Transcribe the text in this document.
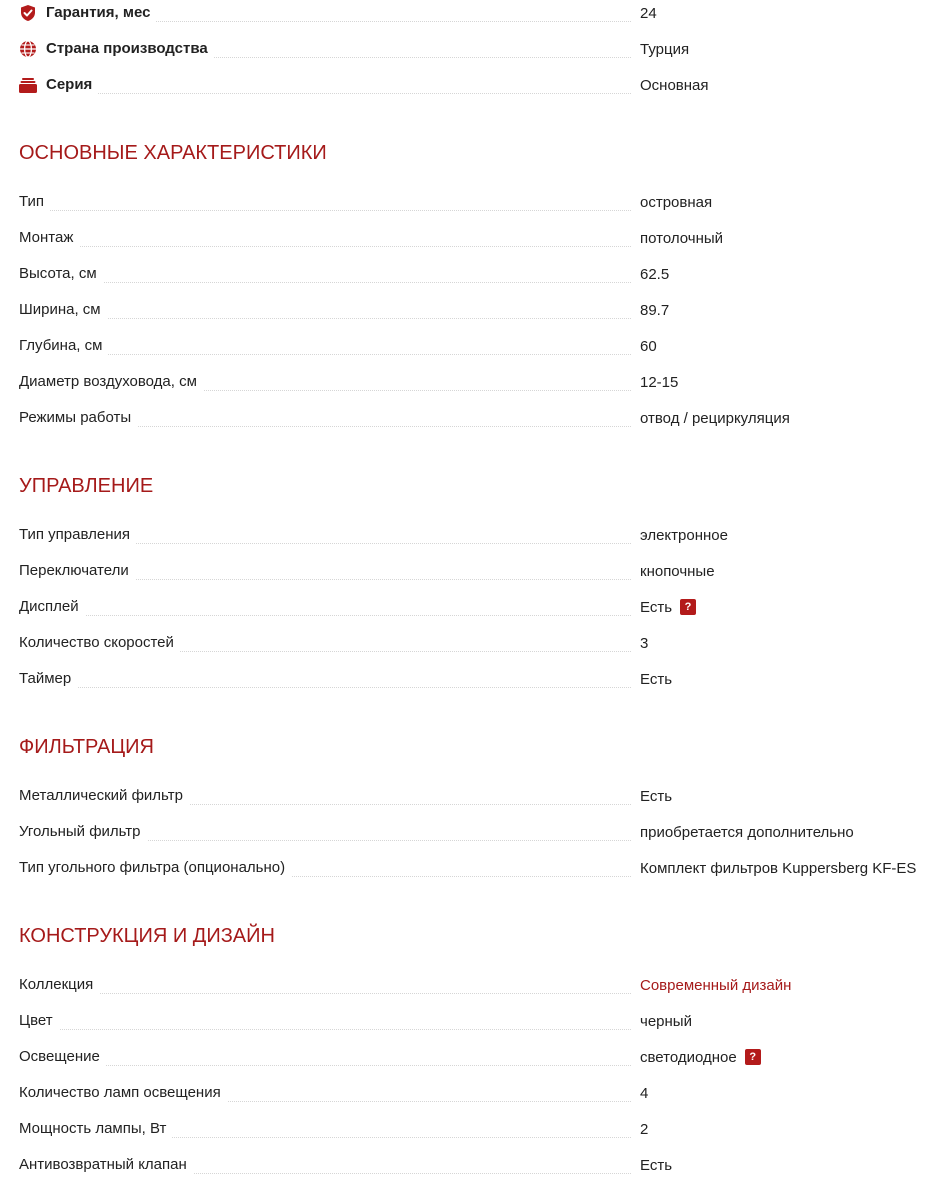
Гарантия, мес	24
Страна производства	Турция
Серия	Основная
ОСНОВНЫЕ ХАРАКТЕРИСТИКИ
Тип	островная
Монтаж	потолочный
Высота, см	62.5
Ширина, см	89.7
Глубина, см	60
Диаметр воздуховода, см	12-15
Режимы работы	отвод / рециркуляция
УПРАВЛЕНИЕ
Тип управления	электронное
Переключатели	кнопочные
Дисплей	Есть	?
Количество скоростей	3
Таймер	Есть
ФИЛЬТРАЦИЯ
Металлический фильтр	Есть
Угольный фильтр	приобретается дополнительно
Тип угольного фильтра (опционально)	Комплект фильтров Kuppersberg KF-ES
КОНСТРУКЦИЯ И ДИЗАЙН
Коллекция	Современный дизайн
Цвет	черный
Освещение	светодиодное	?
Количество ламп освещения	4
Мощность лампы, Вт	2
Антивозвратный клапан	Есть
